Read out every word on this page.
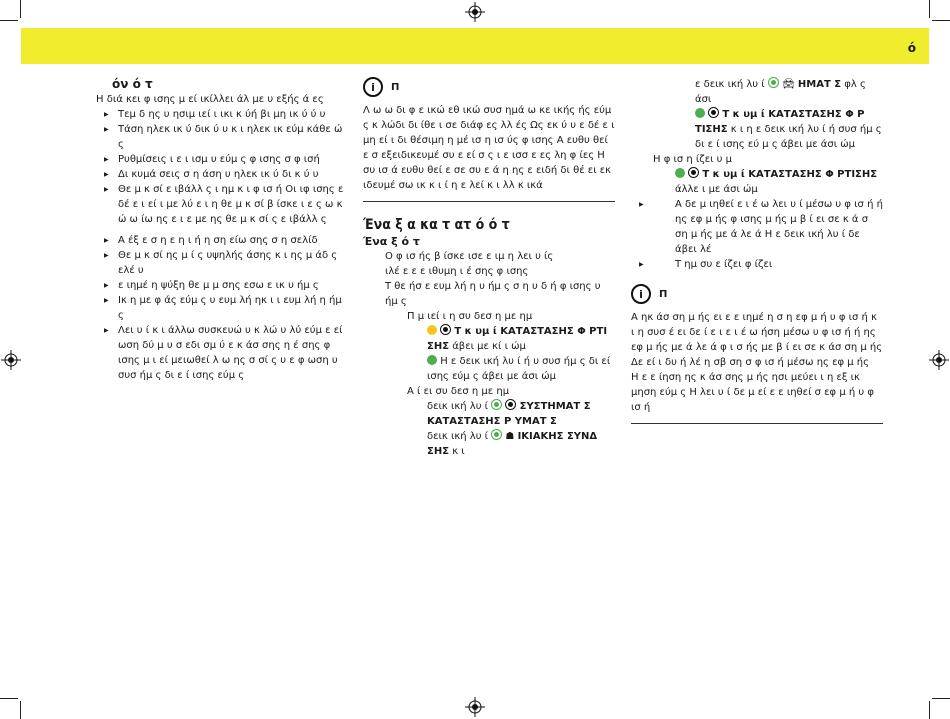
ό

όν ό τ

Η διά κει φ ισης μ εί ικίλλει άλ με υ εξής ά ες

▶ Τεμ δ ης υ ησιμ ιεί ι ικι κ ύή βι μη ικ ύ ύ υ

▶ Τάση ηλεκ ικ ύ δικ ύ υ κ ι ηλεκ ικ εύμ κάθε ώ ς

▶ Ρυθμίσεις ι ε ι ισμ υ εύμ ς φ ισης σ φ ισή

▶ Δι κυμά σεις σ η άση υ ηλεκ ικ ύ δι κ ύ υ

▶ Θε μ κ σί ε ιβάλλ ς ι ημ κ ι φ ισ ή Οι ιφ ισης ε δέ ε ι εί ι με λύ ε ι η θε μ κ σί β ίσκε ι ε ς ω κ ώ ω ίω ης ε ι ε με ης θε μ κ σί ς ε ιβάλλ ς

▶ Α έξ ε σ η ε η ι ή η ση είω σης σ η σελίδ

▶ Θε μ κ σί ης μ ί ς υψηλής άσης κ ι ης μ άδ ς ελέ υ

▶ ε ιημέ η ψύξη θε μ μ σης εσω ε ικ υ ήμ ς

▶ Ικ η με φ άς εύμ ς υ ευμ λή ηκ ι ι ευμ λή η ήμ ς

▶ Λει υ ί κ ι άλλω συσκευώ υ κ λώ υ λύ εύμ ε εί ωση δύ μ υ σ εδι σμ ύ ε κ άσ σης η έ σης φ ισης μ ι εί μειωθεί λ ω ης σ σί ς υ ε φ ωση υ συσ ήμ ς δι ε ί ισης εύμ ς

i	Π

Λ ω ω δι φ ε ικώ εθ ικώ συσ ημά ω κε ικής ής εύμ ς κ λώδι δι ίθε ι σε διάφ ες λλ ές Ως εκ ύ υ ε δέ ε ι μη εί ι δι θέσιμη η μέ ισ η ισ ύς φ ισης Α ευθυ θεί ε σ εξειδικευμέ συ ε εί σ ς ι ε ισσ ε ες λη φ ίες Η συ ισ ά ευθυ θεί ε σε συ ε ά η ης ε ειδή δι θέ ει εκ ιδευμέ σω ικ κ ι ί η ε λεί κ ι λλ κ ικά

Ένα ξ α κα τ ατ ό ό τ

Ένα ξ ό τ

Ο φ ισ ής β ίσκε ισε ε ιμ η λει υ ίς

ιλέ ε ε ε ιθυμη ι έ σης φ ισης

Τ θε ήσ ε ευμ λή η υ ήμ ς σ η υ δ ή φ ισης υ ήμ ς

Π μ ιεί ι η συ δεσ η με ημ

Τ κ υμ ί ΚΑΤΑΣΤΑΣΗΣ Φ ΡΤΙ ΣΗΣ άβει με κί ι ώμ

Η ε δεικ ική λυ ί ή υ συσ ήμ ς δι εί ισης εύμ ς άβει με άσι ώμ

Α ί ει συ δεσ η με ημ

δεικ ική λυ ί	ΣΥΣΤΗΜΑΤ Σ ΚΑΤΑΣΤΑΣΗΣ Ρ ΥΜΑΤ Σ

δεικ ική λυ ί ☗ ΙΚΙΑΚΗΣ ΣΥΝΔ ΣΗΣ κ ι

ε δεικ ική λυ ί 🚘︎ ΗΜΑΤ Σ φλ ς άσι

Τ κ υμ ί ΚΑΤΑΣΤΑΣΗΣ Φ Ρ ΤΙΣΗΣ κ ι η ε δεικ ική λυ ί ή συσ ήμ ς δι ε ί ισης εύ μ ς άβει με άσι ώμ

Η φ ισ η ίζει υ μ

Τ κ υμ ί ΚΑΤΑΣΤΑΣΗΣ Φ ΡΤΙΣΗΣ άλλε ι με άσι ώμ

▶ Α δε μ ιηθεί ε ι έ ω λει υ ί μέσω υ φ ισ ή ή ης εφ μ ής φ ισης μ ής μ β ί ει σε κ ά σ ση μ ής με ά λε ά Η ε δεικ ική λυ ί δε άβει λέ

▶ Τ ημ συ ε ίζει φ ίζει

i	Π

Α ηκ άσ ση μ ής ει ε ε ιημέ η σ η εφ μ ή υ φ ισ ή κ ι η συσ έ ει δε ί ε ι ε ι έ ω ήση μέσω υ φ ισ ή ή ης εφ μ ής με ά λε ά φ ι σ ής με β ί ει σε κ άσ ση μ ής Δε εί ι δυ ή λέ η σβ ση σ φ ισ ή μέσω ης εφ μ ής

Η ε ε ίηση ης κ άσ σης μ ής ησι μεύει ι η εξ ικ μηση εύμ ς Η λει υ ί δε μ εί ε ε ιηθεί σ εφ μ ή υ φ ισ ή
